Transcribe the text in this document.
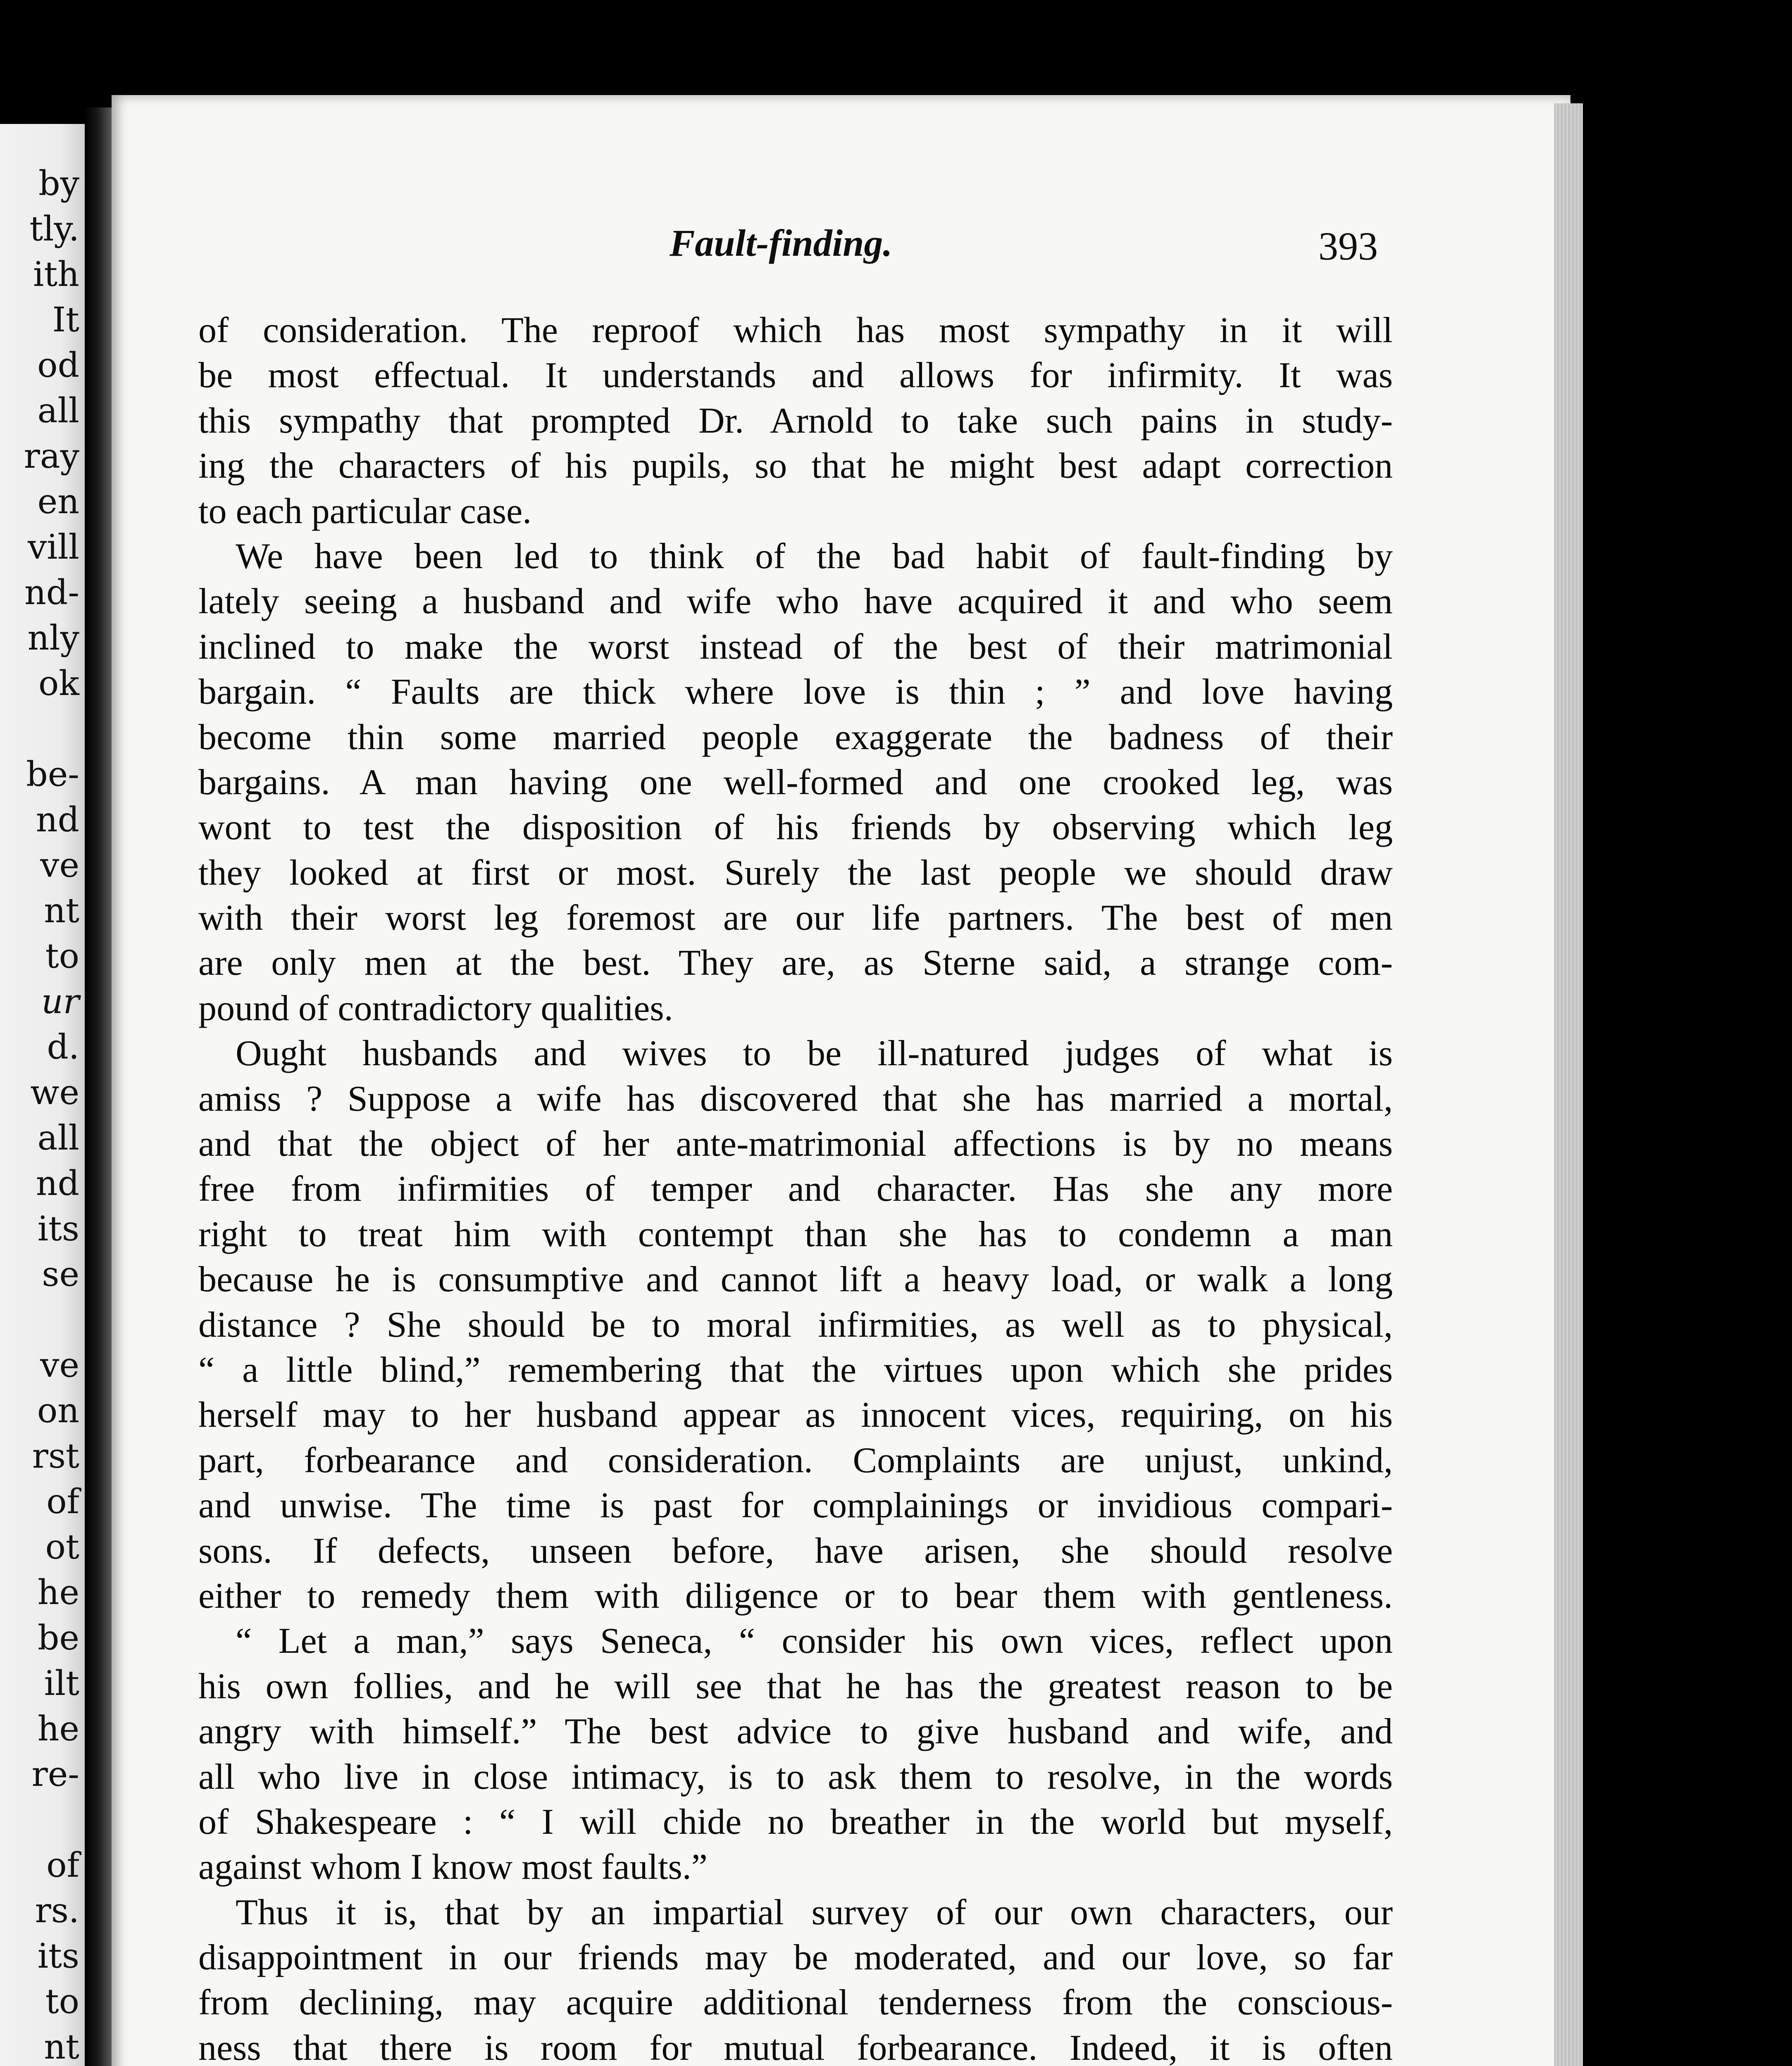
by
tly.
ith
It
od
all
ray
en
vill
nd-
nly
ok
be-
nd
ve
nt
to
ur
d.
we
all
nd
its
se
ve
on
rst
of
ot
he
be
ilt
he
re-
of
rs.
its
to
nt
Fault-finding.	393
of consideration. The reproof which has most sympathy in it will
be most effectual. It understands and allows for infirmity. It was
this sympathy that prompted Dr. Arnold to take such pains in study-
ing the characters of his pupils, so that he might best adapt correction
to each particular case.
We have been led to think of the bad habit of fault-finding by
lately seeing a husband and wife who have acquired it and who seem
inclined to make the worst instead of the best of their matrimonial
bargain. “ Faults are thick where love is thin ; ” and love having
become thin some married people exaggerate the badness of their
bargains. A man having one well-formed and one crooked leg, was
wont to test the disposition of his friends by observing which leg
they looked at first or most. Surely the last people we should draw
with their worst leg foremost are our life partners. The best of men
are only men at the best. They are, as Sterne said, a strange com-
pound of contradictory qualities.
Ought husbands and wives to be ill-natured judges of what is
amiss ? Suppose a wife has discovered that she has married a mortal,
and that the object of her ante-matrimonial affections is by no means
free from infirmities of temper and character. Has she any more
right to treat him with contempt than she has to condemn a man
because he is consumptive and cannot lift a heavy load, or walk a long
distance ? She should be to moral infirmities, as well as to physical,
“ a little blind,” remembering that the virtues upon which she prides
herself may to her husband appear as innocent vices, requiring, on his
part, forbearance and consideration. Complaints are unjust, unkind,
and unwise. The time is past for complainings or invidious compari-
sons. If defects, unseen before, have arisen, she should resolve
either to remedy them with diligence or to bear them with gentleness.
“ Let a man,” says Seneca, “ consider his own vices, reflect upon
his own follies, and he will see that he has the greatest reason to be
angry with himself.” The best advice to give husband and wife, and
all who live in close intimacy, is to ask them to resolve, in the words
of Shakespeare : “ I will chide no breather in the world but myself,
against whom I know most faults.”
Thus it is, that by an impartial survey of our own characters, our
disappointment in our friends may be moderated, and our love, so far
from declining, may acquire additional tenderness from the conscious-
ness that there is room for mutual forbearance. Indeed, it is often
